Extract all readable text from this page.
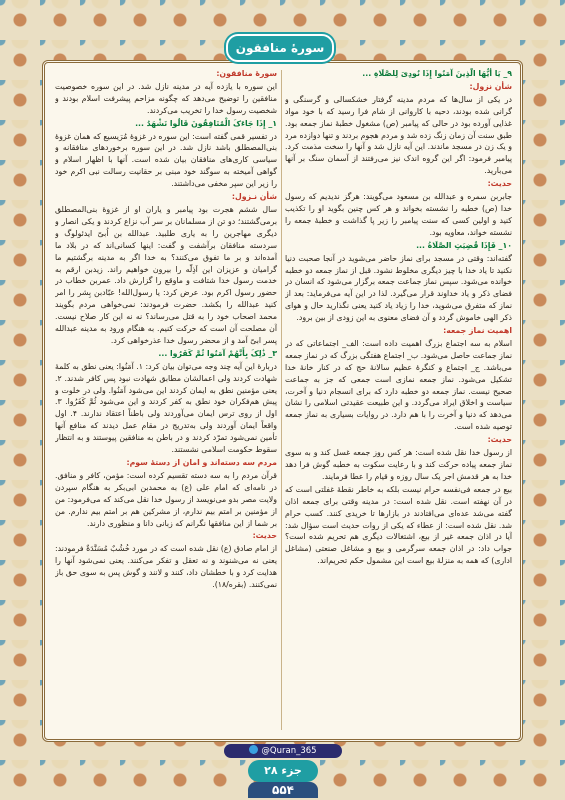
سورهٔ منافقون

۹_ یَا أَیُّهَا الَّذِینَ آمَنُوا إِذَا نُودِیَ لِلصَّلَاةِ ...

شأن نزول:

در یکی از سال‌ها که مردم مدینه گرفتار خشکسالی و گرسنگی و گرانی شده بودند، دحیه با کاروانی از شام فرا رسید که با خود مواد غذایی آورده بود در حالی که پیامبر (ص) مشغول خطبهٔ نماز جمعه بود. طبق سنت آن زمان زنگ زده شد و مردم هجوم بردند و تنها دوازده مرد و یک زن در مسجد ماندند. این آیه نازل شد و آنها را سخت مذمت کرد. پیامبر فرمود: اگر این گروه اندک نیز می‌رفتند از آسمان سنگ بر آنها می‌بارید.

حدیث:

جابربن سمره و عبدالله بن مسعود می‌گویند: هرگز ندیدیم که رسول خدا (ص) خطبه را نشسته بخواند و هر کس چنین بگوید او را تکذیب کنید و اولین کسی که سنت پیامبر را زیر پا گذاشت و خطبهٔ جمعه را نشسته خواند، معاویه بود.

۱۰_ فَإِذَا قُضِیَتِ الصَّلَاةُ ...

گفته‌اند: وقتی در مسجد برای نماز حاضر می‌شوید در آنجا صحبت دنیا نکنید تا یاد خدا با چیز دیگری مخلوط نشود. قبل از نماز جمعه دو خطبه خوانده می‌شود. سپس نماز جماعت جمعه برگزار می‌شود که انسان در فضای ذکر و یاد خداوند قرار می‌گیرد. لذا در این آیه می‌فرماید: بعد از نماز که متفرق می‌شوید، خدا را زیاد یاد کنید یعنی نگذارید حال و هوای ذکر الهی خاموش گردد و آن فضای معنوی به این زودی از بین برود.

اهمیت نماز جمعه:

اسلام به سه اجتماع بزرگ اهمیت داده است: الف_ اجتماعاتی که در نماز جماعت حاصل می‌شود. ب_ اجتماع هفتگی بزرگ که در نماز جمعه می‌باشد. ج_ اجتماع و کنگرهٔ عظیم سالانهٔ حج که در کنار خانهٔ خدا تشکیل می‌شود. نماز جمعه نمازی است جمعی که جز به جماعت صحیح نیست. نماز جمعه دو خطبه دارد که برای انسجام دنیا و آخرت، سیاست و اخلاق ایراد می‌گردد. و این طبیعت عقیدتی اسلامی را نشان می‌دهد که دنیا و آخرت را با هم دارد. در روایات بسیاری به نماز جمعه توصیه شده است.

حدیث:

از رسول خدا نقل شده است: هر کس روز جمعه غسل کند و به سوی نماز جمعه پیاده حرکت کند و با رعایت سکوت به خطبه گوش فرا دهد خدا به هر قدمش اجر یک سال روزه و قیام را عطا فرمایند.

بیع در جمعه فی‌نفسه حرام نیست بلکه به خاطر نقطهٔ غفلتی است که در آن نهفته است. نقل شده است: در مدینه وقتی برای جمعه اذان گفته می‌شد عده‌ای می‌افتادند در بازارها تا خریدی کنند. کسب حرام شد. نقل شده است: از عطاء که یکی از روات حدیث است سؤال شد: آیا در اذان جمعه غیر از بیع، اشتغالات دیگری هم تحریم شده است؟ جواب داد: در اذان جمعه سرگرمی و بیع و مشاغل صنعتی (مشاغل اداری) که همه به منزلهٔ بیع است این مشمول حکم تحریم‌اند.

سورهٔ منافقون:

این سوره با یازده آیه در مدینه نازل شد. در این سوره خصوصیت منافقین را توضیح می‌دهد که چگونه مزاحم پیشرفت اسلام بودند و شخصیت رسول خدا را تخریب می‌کردند.

۱_ إِذَا جَاءَکَ الْمُنَافِقُونَ قَالُوا نَشْهَدُ ...

در تفسیر قمی گفته است: این سوره در غزوهٔ مُرَیسیع که همان غزوهٔ بنی‌المصطلق باشد نازل شد. در این سوره برخوردهای منافقانه و سیاسی کاری‌های منافقان بیان شده است. آنها با اظهار اسلام و گواهی آمیخته به سوگند خود مبنی بر حقانیت رسالت نبی اکرم خود را زیر این سپر مخفی می‌داشتند.

شأن نـزول:

سال ششم هجرت بود پیامبر و یاران او از غزوهٔ بنی‌المصطلق برمی‌گشتند؛ دو تن از مسلمانان بر سر آب نزاع کردند و یکی انصار و دیگری مهاجرین را به یاری طلبید. عبدالله بن اُبیّ ایدئولوگ و سردسته منافقان برآشفت و گفت: اینها کسانی‌اند که در بلاد ما آمده‌اند و بر ما تفوق می‌کنند؟ به خدا اگر به مدینه برگشتیم ما گرامیان و عزیزان این اَذِلّه را بیرون خواهیم راند. زیدبن ارقم به خدمت رسول خدا شتافت و ماوقع را گزارش داد. عمربن خطاب در حضور رسول اکرم بود. عرض کرد: یا رسول‌الله! عبّادبن بِشر را امر کنید عبدالله را بکشد. حضرت فرمودند: نمی‌خواهی مردم بگویند محمد اصحاب خود را به قتل می‌رساند؟ نه نه این کار صلاح نیست. آن مصلحت آن است که حرکت کنیم. به هنگام ورود به مدینه عبدالله پسر ابیّ آمد و از محضر رسول خدا عذرخواهی کرد.

۳_ ذَٰلِکَ بِأَنَّهُمْ آمَنُوا ثُمَّ کَفَرُوا ...

دربارهٔ این آیه چند وجه می‌توان بیان کرد: ۱. آمَنُوا: یعنی نطق به کلمهٔ شهادت کردند ولی اعمالشان مطابق شهادت نبود پس کافر شدند. ۲. یعنی مؤمنین نطق به ایمان کردند این می‌شود آمَنُوا. ولی در خلوت و پیش هم‌فکران خود نطق به کفر کردند و این می‌شود ثُمَّ کَفَرُوا. ۳. اول از روی ترس ایمان می‌آوردند ولی باطناً اعتقاد ندارند. ۴. اول واقعاً ایمان آوردند ولی به‌تدریج در مقام عمل دیدند که منافع آنها تأمین نمی‌شود تمرّد کردند و در باطن به منافقین پیوستند و به انتظار سقوط حکومت اسلامی نشستند.

مردم سه دسته‌اند و امان از دستهٔ سوم:

قرآن مردم را به سه دسته تقسیم کرده است: مؤمن، کافر و منافق. در نامه‌ای که امام علی (ع) به محمدبن ابی‌بکر به هنگام سپردن ولایت مصر بدو می‌نویسد از رسول خدا نقل می‌کند که می‌فرمود: من از مؤمنین بر امتم بیم ندارم، از مشرکین هم بر امتم بیم ندارم. من بر شما از این منافقها نگرانم که زبانی دانا و منظوری دارند.

حدیث:

از امام صادق (ع) نقل شده است که در مورد خُشُبٌ مُسَنَّدَةٌ فرمودند: یعنی نه می‌شنوند و نه تعقل و تفکر می‌کنند. یعنی نمی‌شود آنها را هدایت کرد و با خطشان داد، کنند و لانند و گوش پس به سوی حق باز نمی‌کنند. (بقره/۱۸).

@Quran_365
جزء ۲۸
۵۵۴
